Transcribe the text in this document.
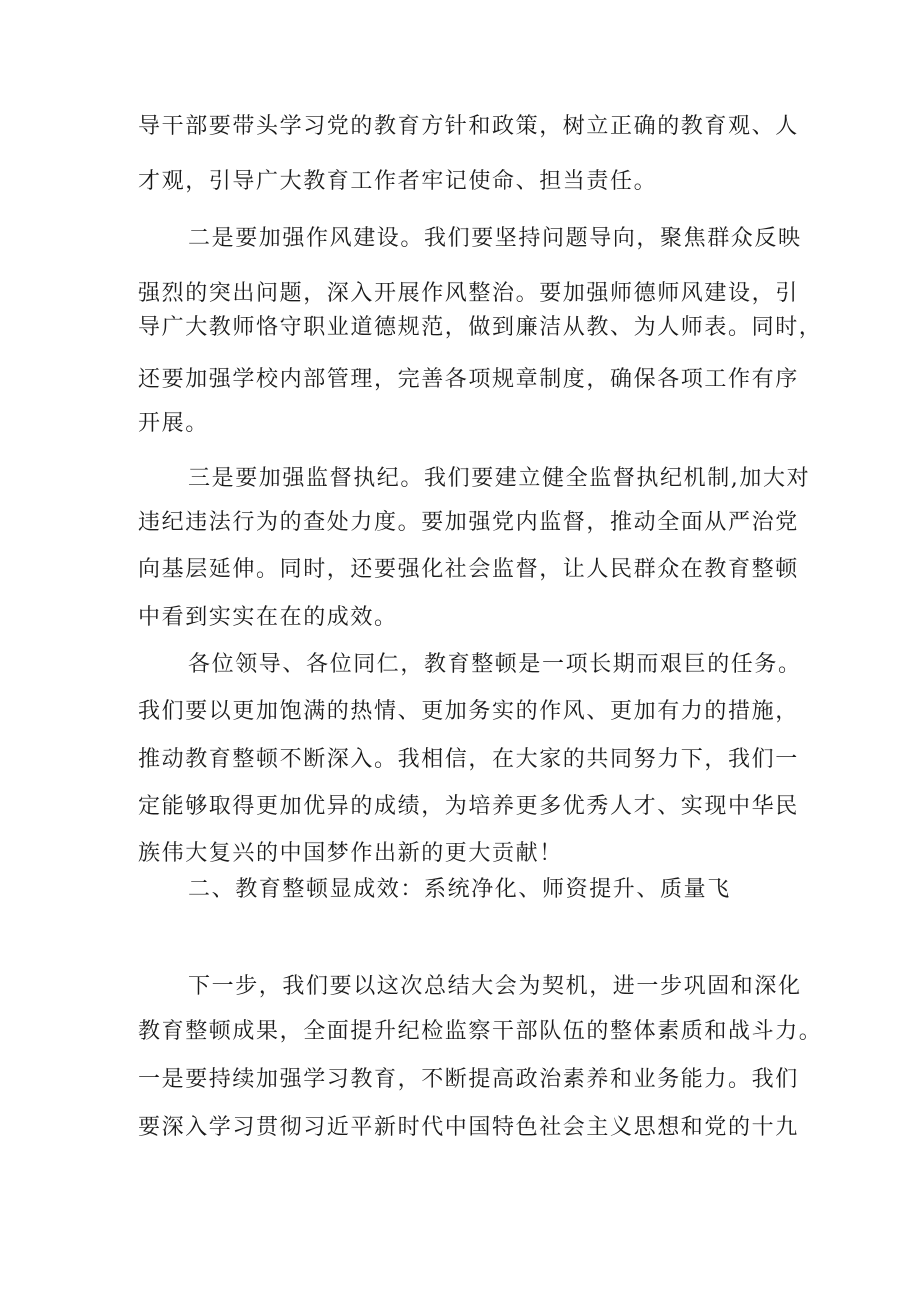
导干部要带头学习党的教育方针和政策，树立正确的教育观、人
才观，引导广大教育工作者牢记使命、担当责任。
二是要加强作风建设。我们要坚持问题导向，聚焦群众反映
强烈的突出问题，深入开展作风整治。要加强师德师风建设，引
导广大教师恪守职业道德规范，做到廉洁从教、为人师表。同时，
还要加强学校内部管理，完善各项规章制度，确保各项工作有序
开展。
三是要加强监督执纪。我们要建立健全监督执纪机制,加大对
违纪违法行为的查处力度。要加强党内监督，推动全面从严治党
向基层延伸。同时，还要强化社会监督，让人民群众在教育整顿
中看到实实在在的成效。
各位领导、各位同仁，教育整顿是一项长期而艰巨的任务。
我们要以更加饱满的热情、更加务实的作风、更加有力的措施，
推动教育整顿不断深入。我相信，在大家的共同努力下，我们一
定能够取得更加优异的成绩，为培养更多优秀人才、实现中华民
族伟大复兴的中国梦作出新的更大贡献！
二、教育整顿显成效：系统净化、师资提升、质量飞
下一步，我们要以这次总结大会为契机，进一步巩固和深化
教育整顿成果，全面提升纪检监察干部队伍的整体素质和战斗力。
一是要持续加强学习教育，不断提高政治素养和业务能力。我们
要深入学习贯彻习近平新时代中国特色社会主义思想和党的十九
